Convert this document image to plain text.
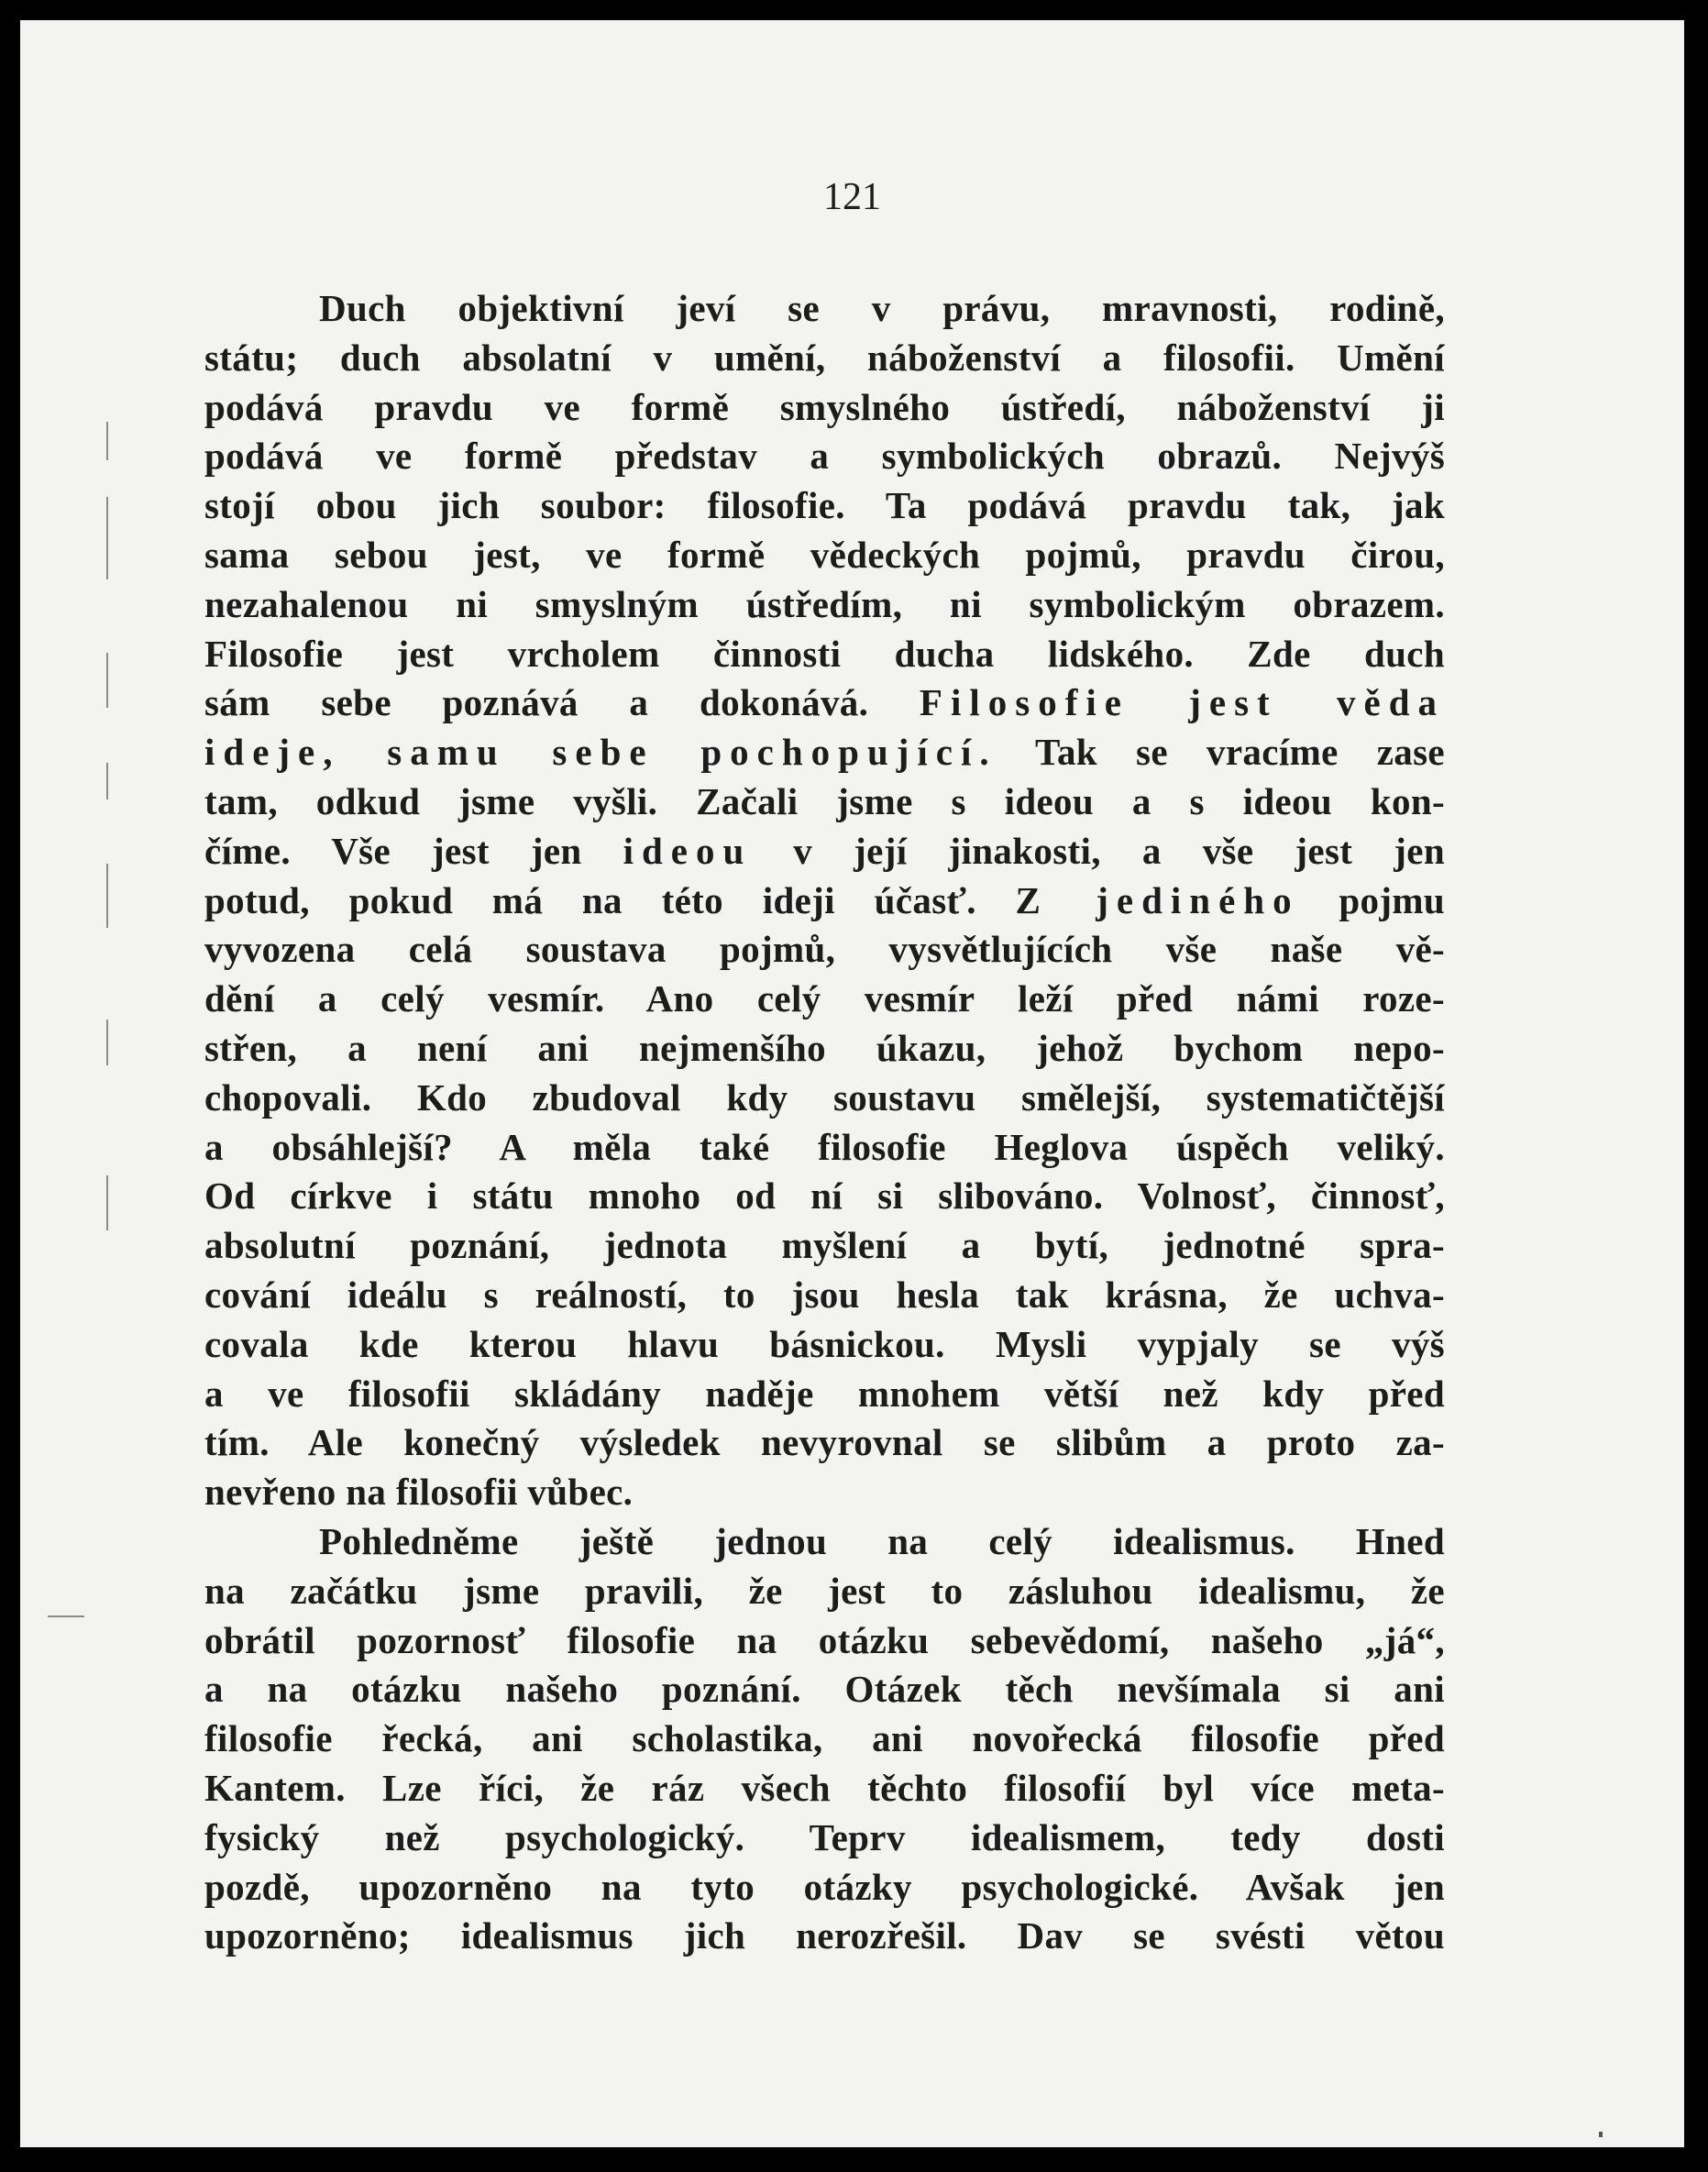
121
Duch objektivní jeví se v právu, mravnosti, rodině,
státu; duch absolatní v umění, náboženství a filosofii. Umění
podává pravdu ve formě smyslného ústředí, náboženství ji
podává ve formě představ a symbolických obrazů. Nejvýš
stojí obou jich soubor: filosofie. Ta podává pravdu tak, jak
sama sebou jest, ve formě vědeckých pojmů, pravdu čirou,
nezahalenou ni smyslným ústředím, ni symbolickým obrazem.
Filosofie jest vrcholem činnosti ducha lidského. Zde duch
sám sebe poznává a dokonává. Filosofie jest věda
ideje, samu sebe pochopující. Tak se vracíme zase
tam, odkud jsme vyšli. Začali jsme s ideou a s ideou kon-
číme. Vše jest jen ideou v její jinakosti, a vše jest jen
potud, pokud má na této ideji účasť. Z jediného pojmu
vyvozena celá soustava pojmů, vysvětlujících vše naše vě-
dění a celý vesmír. Ano celý vesmír leží před námi roze-
střen, a není ani nejmenšího úkazu, jehož bychom nepo-
chopovali. Kdo zbudoval kdy soustavu smělejší, systematičtější
a obsáhlejší? A měla také filosofie Heglova úspěch veliký.
Od církve i státu mnoho od ní si slibováno. Volnosť, činnosť,
absolutní poznání, jednota myšlení a bytí, jednotné spra-
cování ideálu s reálností, to jsou hesla tak krásna, že uchva-
covala kde kterou hlavu básnickou. Mysli vypjaly se výš
a ve filosofii skládány naděje mnohem větší než kdy před
tím. Ale konečný výsledek nevyrovnal se slibům a proto za-
nevřeno na filosofii vůbec.
Pohledněme ještě jednou na celý idealismus. Hned
na začátku jsme pravili, že jest to zásluhou idealismu, že
obrátil pozornosť filosofie na otázku sebevědomí, našeho „já“,
a na otázku našeho poznání. Otázek těch nevšímala si ani
filosofie řecká, ani scholastika, ani novořecká filosofie před
Kantem. Lze říci, že ráz všech těchto filosofií byl více meta-
fysický než psychologický. Teprv idealismem, tedy dosti
pozdě, upozorněno na tyto otázky psychologické. Avšak jen
upozorněno; idealismus jich nerozřešil. Dav se svésti větou
